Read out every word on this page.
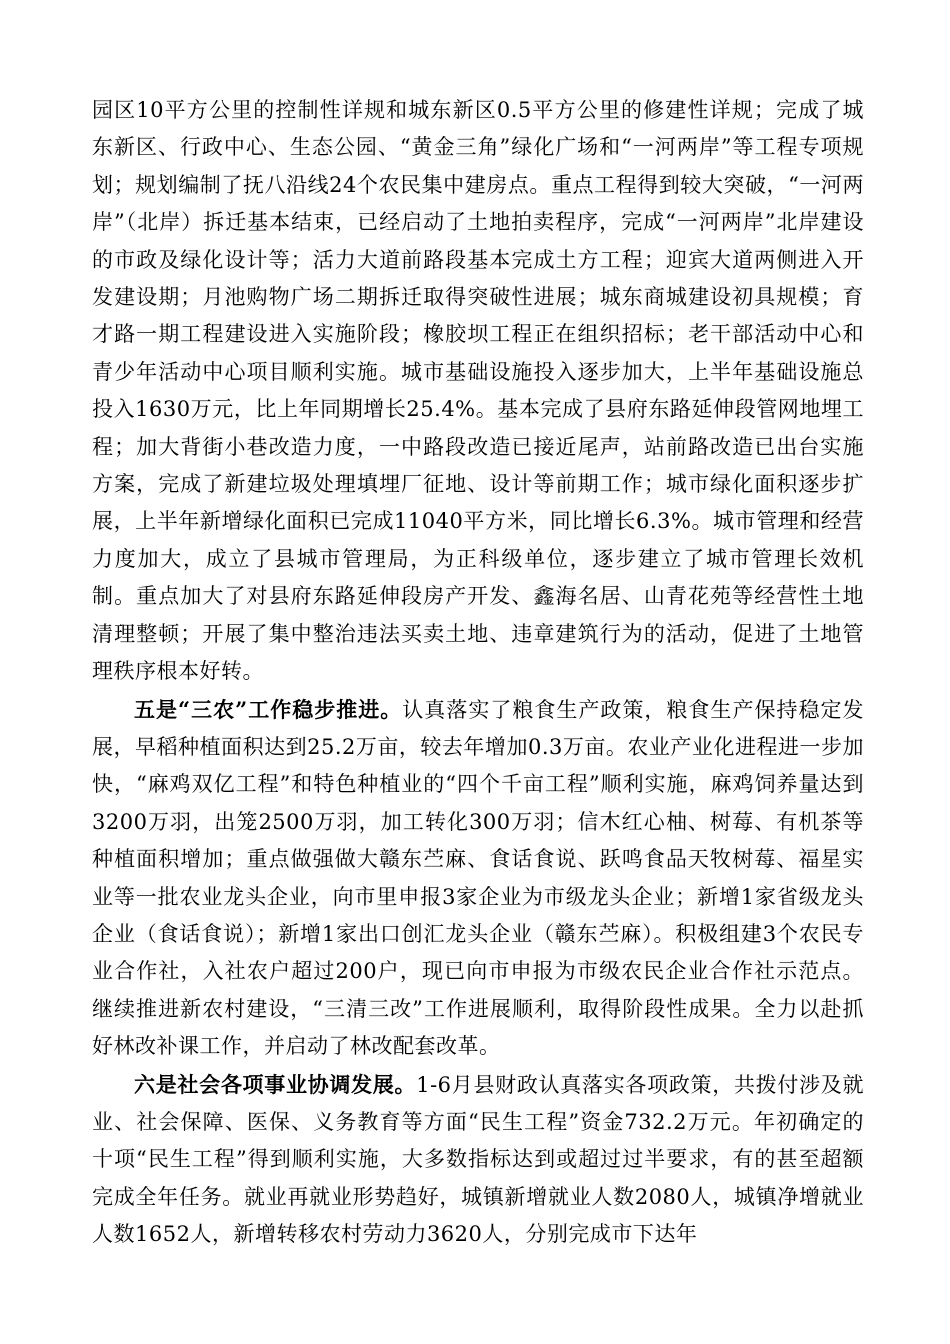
园区10平方公里的控制性详规和城东新区0.5平方公里的修建性详规；完成了城东新区、行政中心、生态公园、“黄金三角”绿化广场和“一河两岸”等工程专项规划；规划编制了抚八沿线24个农民集中建房点。重点工程得到较大突破，“一河两岸”（北岸）拆迁基本结束，已经启动了土地拍卖程序，完成“一河两岸”北岸建设的市政及绿化设计等；活力大道前路段基本完成土方工程；迎宾大道两侧进入开发建设期；月池购物广场二期拆迁取得突破性进展；城东商城建设初具规模；育才路一期工程建设进入实施阶段；橡胶坝工程正在组织招标；老干部活动中心和青少年活动中心项目顺利实施。城市基础设施投入逐步加大，上半年基础设施总投入1630万元，比上年同期增长25.4%。基本完成了县府东路延伸段管网地埋工程；加大背街小巷改造力度，一中路段改造已接近尾声，站前路改造已出台实施方案，完成了新建垃圾处理填埋厂征地、设计等前期工作；城市绿化面积逐步扩展，上半年新增绿化面积已完成11040平方米，同比增长6.3%。城市管理和经营力度加大，成立了县城市管理局，为正科级单位，逐步建立了城市管理长效机制。重点加大了对县府东路延伸段房产开发、鑫海名居、山青花苑等经营性土地清理整顿；开展了集中整治违法买卖土地、违章建筑行为的活动，促进了土地管理秩序根本好转。

五是“三农”工作稳步推进。认真落实了粮食生产政策，粮食生产保持稳定发展，早稻种植面积达到25.2万亩，较去年增加0.3万亩。农业产业化进程进一步加快，“麻鸡双亿工程”和特色种植业的“四个千亩工程”顺利实施，麻鸡饲养量达到3200万羽，出笼2500万羽，加工转化300万羽；信木红心柚、树莓、有机茶等种植面积增加；重点做强做大赣东苎麻、食话食说、跃鸣食品天牧树莓、福星实业等一批农业龙头企业，向市里申报3家企业为市级龙头企业；新增1家省级龙头企业（食话食说）；新增1家出口创汇龙头企业（赣东苎麻）。积极组建3个农民专业合作社，入社农户超过200户，现已向市申报为市级农民企业合作社示范点。继续推进新农村建设，“三清三改”工作进展顺利，取得阶段性成果。全力以赴抓好林改补课工作，并启动了林改配套改革。

六是社会各项事业协调发展。1-6月县财政认真落实各项政策，共拨付涉及就业、社会保障、医保、义务教育等方面“民生工程”资金732.2万元。年初确定的十项“民生工程”得到顺利实施，大多数指标达到或超过过半要求，有的甚至超额完成全年任务。就业再就业形势趋好，城镇新增就业人数2080人，城镇净增就业人数1652人，新增转移农村劳动力3620人，分别完成市下达年
